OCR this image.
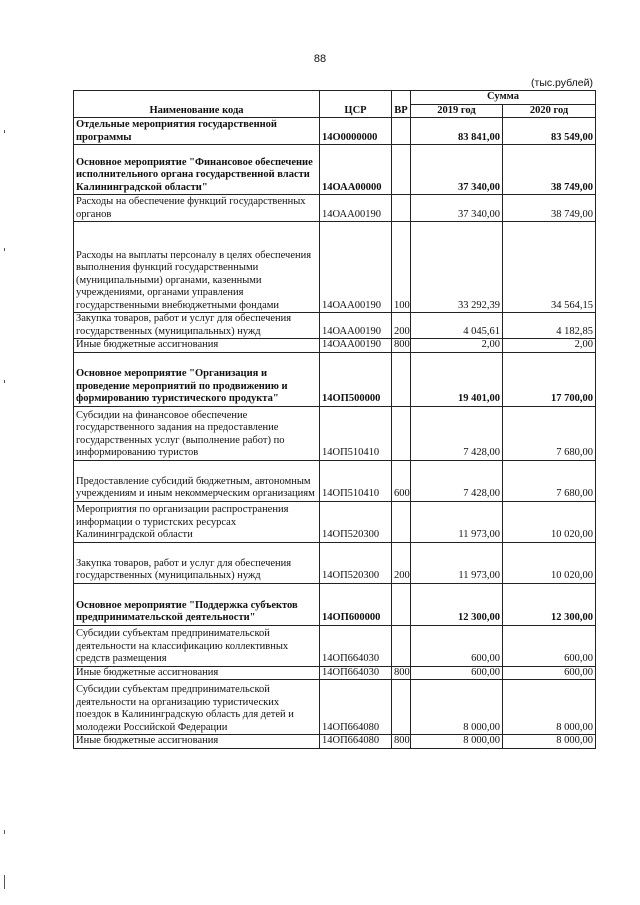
88
(тыс.рублей)
Наименование кода	ЦСР	ВР	Сумма	
			2019 год	2020 год
Отдельные мероприятия государственной программы	14О0000000		83 841,00	83 549,00
Основное мероприятие "Финансовое обеспечение исполнительного органа государственной власти Калининградской области"	14ОАА00000		37 340,00	38 749,00
Расходы на обеспечение функций государственных органов	14ОАА00190		37 340,00	38 749,00
Расходы на выплаты персоналу в целях обеспечения выполнения функций государственными (муниципальными) органами, казенными учреждениями, органами управления государственными внебюджетными фондами	14ОАА00190	100	33 292,39	34 564,15
Закупка товаров, работ и услуг для обеспечения государственных (муниципальных) нужд	14ОАА00190	200	4 045,61	4 182,85
Иные бюджетные ассигнования	14ОАА00190	800	2,00	2,00
Основное мероприятие "Организация и проведение мероприятий по продвижению и формированию туристического продукта"	14ОП500000		19 401,00	17 700,00
Субсидии на финансовое обеспечение государственного задания на предоставление государственных услуг (выполнение работ) по информированию туристов	14ОП510410		7 428,00	7 680,00
Предоставление субсидий бюджетным, автономным учреждениям и иным некоммерческим организациям	14ОП510410	600	7 428,00	7 680,00
Мероприятия по организации распространения информации о туристских ресурсах Калининградской области	14ОП520300		11 973,00	10 020,00
Закупка товаров, работ и услуг для обеспечения государственных (муниципальных) нужд	14ОП520300	200	11 973,00	10 020,00
Основное мероприятие "Поддержка субъектов предпринимательской деятельности"	14ОП600000		12 300,00	12 300,00
Субсидии субъектам предпринимательской деятельности на классификацию коллективных средств размещения	14ОП664030		600,00	600,00
Иные бюджетные ассигнования	14ОП664030	800	600,00	600,00
Субсидии субъектам предпринимательской деятельности на организацию туристических поездок в Калининградскую область для детей и молодежи Российской Федерации	14ОП664080		8 000,00	8 000,00
Иные бюджетные ассигнования	14ОП664080	800	8 000,00	8 000,00
